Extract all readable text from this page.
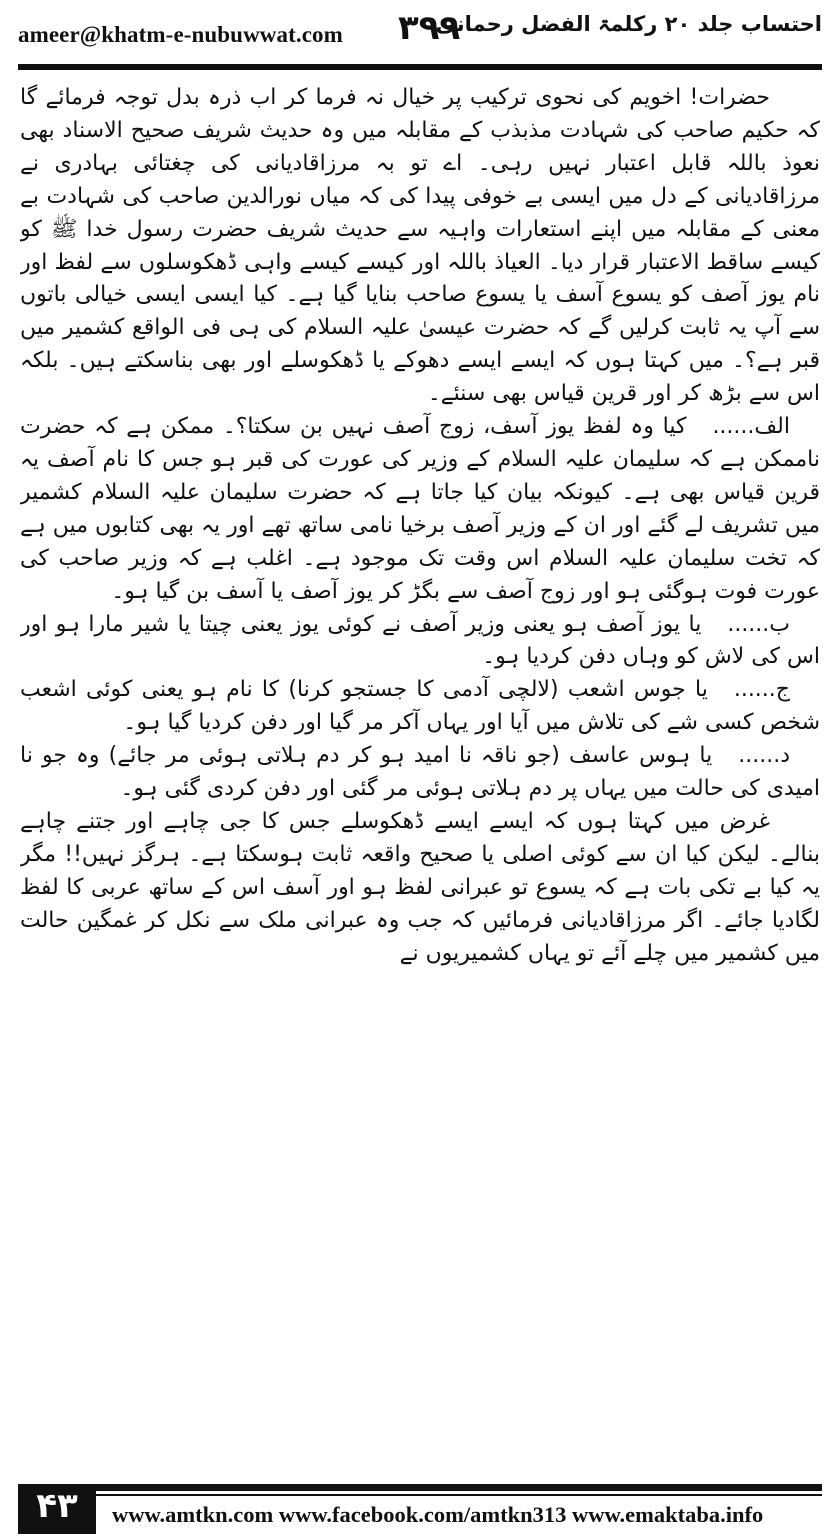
ameer@khatm-e-nubuwwat.com ۳۹۹
احتساب جلد ۲۰ رکلمۃ الفضل رحمانی

حضرات! اخویم کی نحوی ترکیب پر خیال نہ فرما کر اب ذرہ بدل توجہ فرمائے گا کہ حکیم صاحب کی شہادت مذبذب کے مقابلہ میں وہ حدیث شریف صحیح الاسناد بھی نعوذ باللہ قابل اعتبار نہیں رہی۔ اے تو بہ مرزاقادیانی کی چغتائی بہادری نے مرزاقادیانی کے دل میں ایسی بے خوفی پیدا کی کہ میاں نورالدین صاحب کی شہادت بے معنی کے مقابلہ میں اپنے استعارات واہیہ سے حدیث شریف حضرت رسول خدا ﷺ کو کیسے ساقط الاعتبار قرار دیا۔ العیاذ باللہ اور کیسے کیسے واہی ڈھکوسلوں سے لفظ اور نام یوز آصف کو یسوع آسف یا یسوع صاحب بنایا گیا ہے۔ کیا ایسی ایسی خیالی باتوں سے آپ یہ ثابت کرلیں گے کہ حضرت عیسیٰ علیہ السلام کی ہی فی الواقع کشمیر میں قبر ہے؟۔ میں کہتا ہوں کہ ایسے ایسے دھوکے یا ڈھکوسلے اور بھی بناسکتے ہیں۔ بلکہ اس سے بڑھ کر اور قرین قیاس بھی سنئے۔

الف......کیا وہ لفظ یوز آسف، زوج آصف نہیں بن سکتا؟۔ ممکن ہے کہ حضرت ناممکن ہے کہ سلیمان علیہ السلام کے وزیر کی عورت کی قبر ہو جس کا نام آصف یہ قرین قیاس بھی ہے۔ کیونکہ بیان کیا جاتا ہے کہ حضرت سلیمان علیہ السلام کشمیر میں تشریف لے گئے اور ان کے وزیر آصف برخیا نامی ساتھ تھے اور یہ بھی کتابوں میں ہے کہ تخت سلیمان علیہ السلام اس وقت تک موجود ہے۔ اغلب ہے کہ وزیر صاحب کی عورت فوت ہوگئی ہو اور زوج آصف سے بگڑ کر یوز آصف یا آسف بن گیا ہو۔

ب......یا یوز آصف ہو یعنی وزیر آصف نے کوئی یوز یعنی چیتا یا شیر مارا ہو اور اس کی لاش کو وہاں دفن کردیا ہو۔

ج......یا جوس اشعب (لالچی آدمی کا جستجو کرنا) کا نام ہو یعنی کوئی اشعب شخص کسی شے کی تلاش میں آیا اور یہاں آکر مر گیا اور دفن کردیا گیا ہو۔

د......یا ہوس عاسف (جو ناقہ نا امید ہو کر دم ہلاتی ہوئی مر جائے) وہ جو نا امیدی کی حالت میں یہاں پر دم ہلاتی ہوئی مر گئی اور دفن کردی گئی ہو۔

غرض میں کہتا ہوں کہ ایسے ایسے ڈھکوسلے جس کا جی چاہے اور جتنے چاہے بنالے۔ لیکن کیا ان سے کوئی اصلی یا صحیح واقعہ ثابت ہوسکتا ہے۔ ہرگز نہیں!! مگر یہ کیا بے تکی بات ہے کہ یسوع تو عبرانی لفظ ہو اور آسف اس کے ساتھ عربی کا لفظ لگادیا جائے۔ اگر مرزاقادیانی فرمائیں کہ جب وہ عبرانی ملک سے نکل کر غمگین حالت میں کشمیر میں چلے آئے تو یہاں کشمیریوں نے

۴۳	www.amtkn.com www.facebook.com/amtkn313 www.emaktaba.info
